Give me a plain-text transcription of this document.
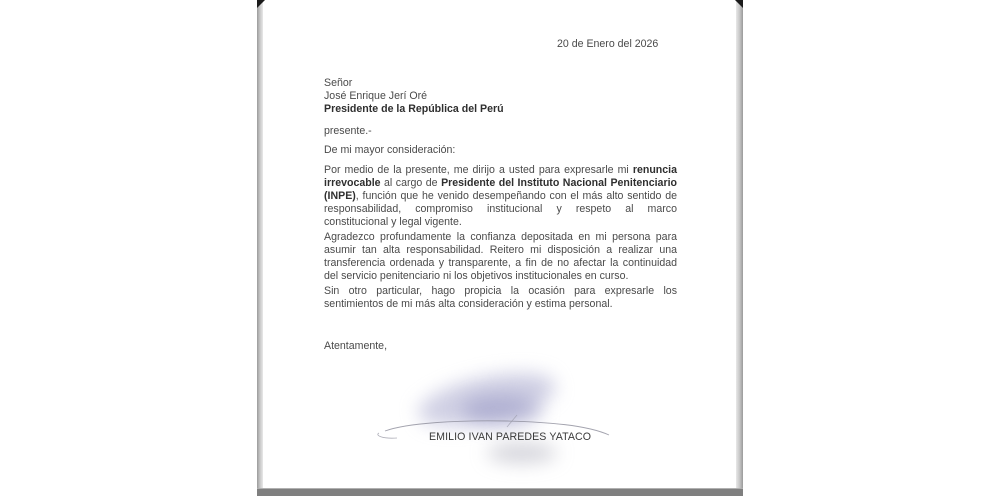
20 de Enero del 2026
Señor
José Enrique Jerí Oré
Presidente de la República del Perú
presente.-
De mi mayor consideración:

Por medio de la presente, me dirijo a usted para expresarle mi renuncia irrevocable al cargo de Presidente del Instituto Nacional Penitenciario (INPE), función que he venido desempeñando con el más alto sentido de responsabilidad, compromiso institucional y respeto al marco constitucional y legal vigente.

Agradezco profundamente la confianza depositada en mi persona para asumir tan alta responsabilidad. Reitero mi disposición a realizar una transferencia ordenada y transparente, a fin de no afectar la continuidad del servicio penitenciario ni los objetivos institucionales en curso.

Sin otro particular, hago propicia la ocasión para expresarle los sentimientos de mi más alta consideración y estima personal.

Atentamente,
EMILIO IVAN PAREDES YATACO
